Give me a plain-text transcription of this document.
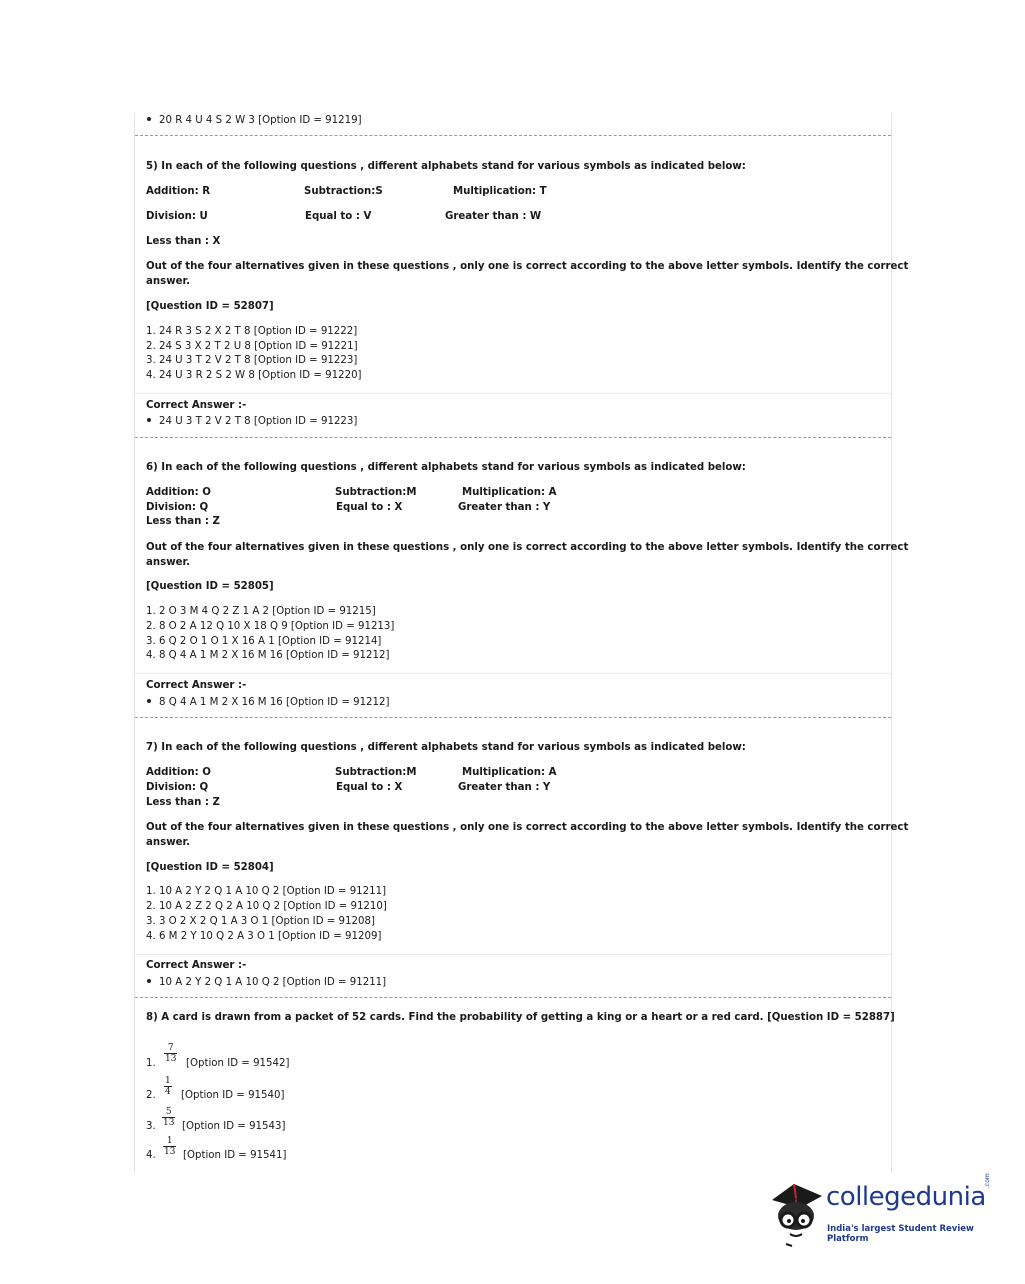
20 R 4 U 4 S 2 W 3 [Option ID = 91219]
5) In each of the following questions , different alphabets stand for various symbols as indicated below:
Addition: R	Subtraction:S	Multiplication: T
Division: U	Equal to : V	Greater than : W
Less than : X
Out of the four alternatives given in these questions , only one is correct according to the above letter symbols. Identify the correct
answer.
[Question ID = 52807]
1. 24 R 3 S 2 X 2 T 8 [Option ID = 91222]
2. 24 S 3 X 2 T 2 U 8 [Option ID = 91221]
3. 24 U 3 T 2 V 2 T 8 [Option ID = 91223]
4. 24 U 3 R 2 S 2 W 8 [Option ID = 91220]
Correct Answer :-
24 U 3 T 2 V 2 T 8 [Option ID = 91223]
6) In each of the following questions , different alphabets stand for various symbols as indicated below:
Addition: O	Subtraction:M	Multiplication: A
Division: Q	Equal to : X	Greater than : Y
Less than : Z
Out of the four alternatives given in these questions , only one is correct according to the above letter symbols. Identify the correct
answer.
[Question ID = 52805]
1. 2 O 3 M 4 Q 2 Z 1 A 2 [Option ID = 91215]
2. 8 O 2 A 12 Q 10 X 18 Q 9 [Option ID = 91213]
3. 6 Q 2 O 1 O 1 X 16 A 1 [Option ID = 91214]
4. 8 Q 4 A 1 M 2 X 16 M 16 [Option ID = 91212]
Correct Answer :-
8 Q 4 A 1 M 2 X 16 M 16 [Option ID = 91212]
7) In each of the following questions , different alphabets stand for various symbols as indicated below:
Addition: O	Subtraction:M	Multiplication: A
Division: Q	Equal to : X	Greater than : Y
Less than : Z
Out of the four alternatives given in these questions , only one is correct according to the above letter symbols. Identify the correct
answer.
[Question ID = 52804]
1. 10 A 2 Y 2 Q 1 A 10 Q 2 [Option ID = 91211]
2. 10 A 2 Z 2 Q 2 A 10 Q 2 [Option ID = 91210]
3. 3 O 2 X 2 Q 1 A 3 O 1 [Option ID = 91208]
4. 6 M 2 Y 10 Q 2 A 3 O 1 [Option ID = 91209]
Correct Answer :-
10 A 2 Y 2 Q 1 A 10 Q 2 [Option ID = 91211]
8) A card is drawn from a packet of 52 cards. Find the probability of getting a king or a heart or a red card. [Question ID = 52887]
1. $\frac{7}{13}$ [Option ID = 91542]
2. $\frac{1}{4}$ [Option ID = 91540]
3. $\frac{5}{13}$ [Option ID = 91543]
4. $\frac{1}{13}$ [Option ID = 91541]
collegedunia
.com
India's largest Student Review Platform
